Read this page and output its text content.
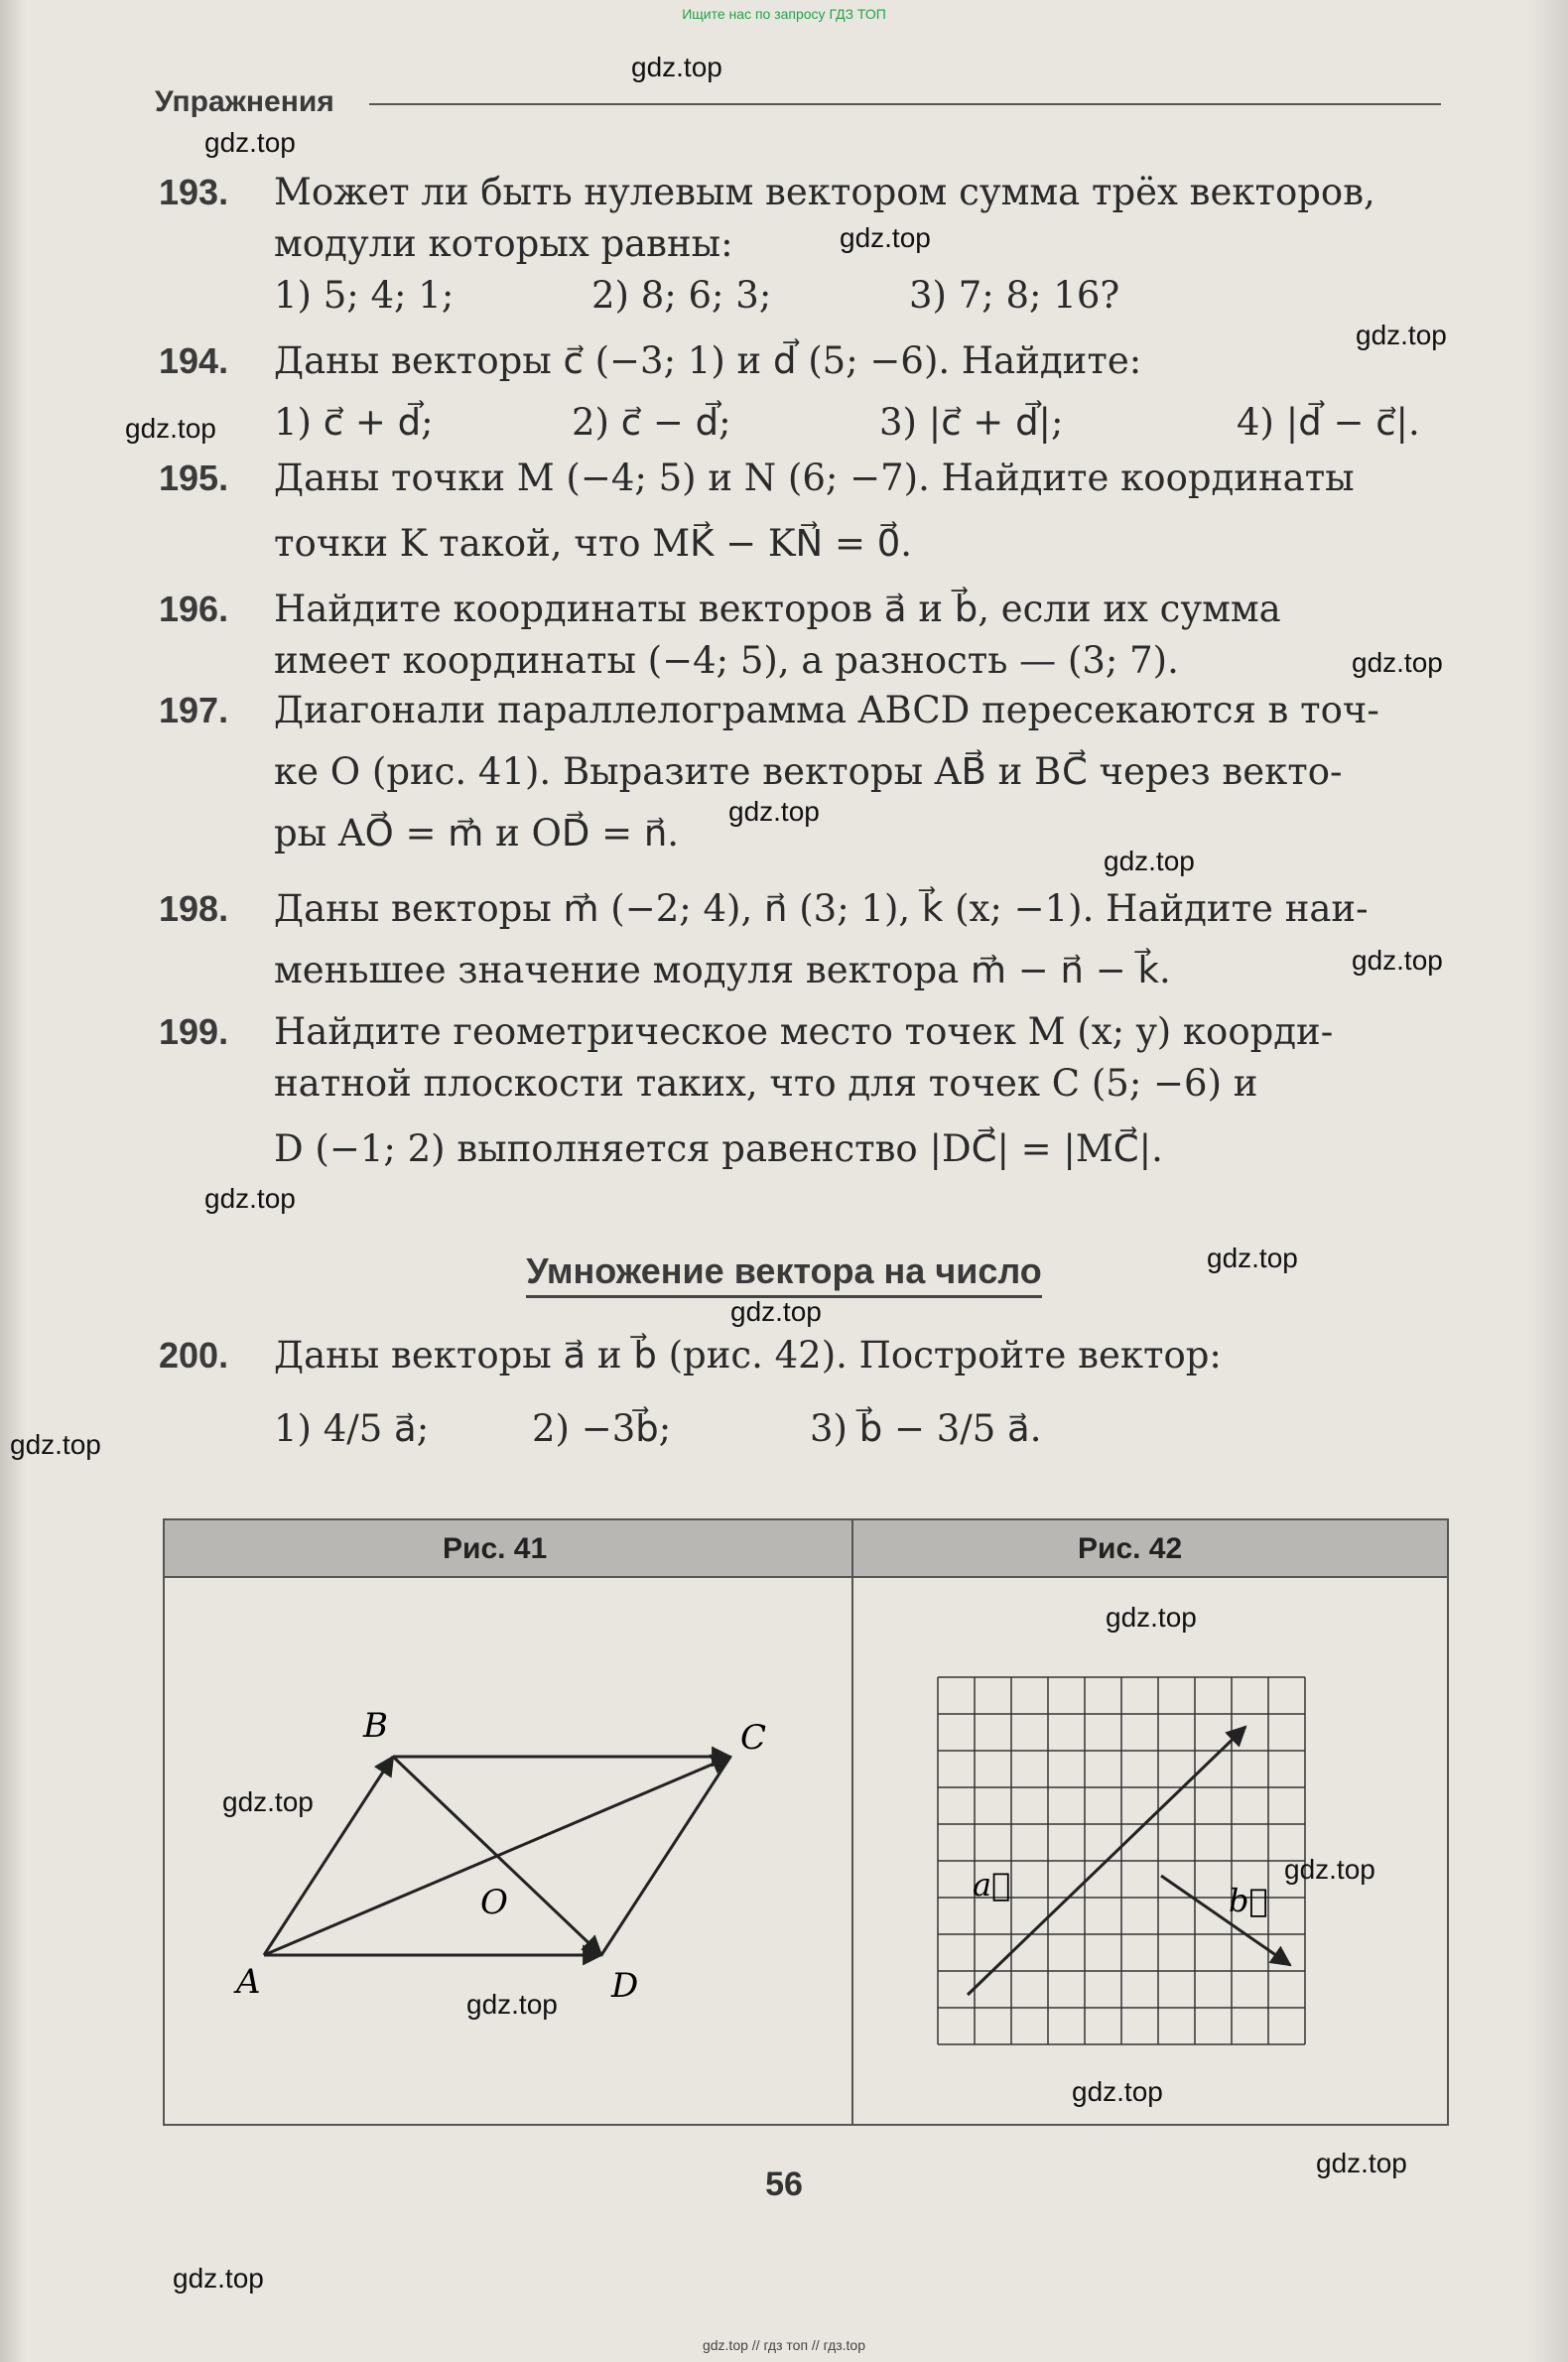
Ищите нас по запросу ГДЗ ТОП
Упражнения
193.	Может ли быть нулевым вектором сумма трёх векторов,
модули которых равны:
1) 5; 4; 1;	2) 8; 6; 3;	3) 7; 8; 16?
194.	Даны векторы c⃗ (−3; 1) и d⃗ (5; −6). Найдите:
1) c⃗ + d⃗;	2) c⃗ − d⃗;	3) |c⃗ + d⃗|;	4) |d⃗ − c⃗|.
195.	Даны точки M (−4; 5) и N (6; −7). Найдите координаты
точки K такой, что MK⃗ − KN⃗ = 0⃗.
196.	Найдите координаты векторов a⃗ и b⃗, если их сумма
имеет координаты (−4; 5), а разность — (3; 7).
197.	Диагонали параллелограмма ABCD пересекаются в точ-
ке O (рис. 41). Выразите векторы AB⃗ и BC⃗ через векто-
ры AO⃗ = m⃗ и OD⃗ = n⃗.
198.	Даны векторы m⃗ (−2; 4), n⃗ (3; 1), k⃗ (x; −1). Найдите наи-
меньшее значение модуля вектора m⃗ − n⃗ − k⃗.
199.	Найдите геометрическое место точек M (x; y) коорди-
натной плоскости таких, что для точек C (5; −6) и
D (−1; 2) выполняется равенство |DC⃗| = |MC⃗|.
Умножение вектора на число
200.	Даны векторы a⃗ и b⃗ (рис. 42). Постройте вектор:
1) 4/5 a⃗;	2) −3b⃗;	3) b⃗ − 3/5 a⃗.
Рис. 41	Рис. 42
A
B	C
D
O	a⃗	b⃗
56
gdz.top
gdz.top
gdz.top
gdz.top
gdz.top
gdz.top
gdz.top
gdz.top
gdz.top
gdz.top
gdz.top
gdz.top
gdz.top
gdz.top
gdz.top
gdz.top
gdz.top
gdz.top
gdz.top
gdz.top
gdz.top // гдз топ // гдз.top
